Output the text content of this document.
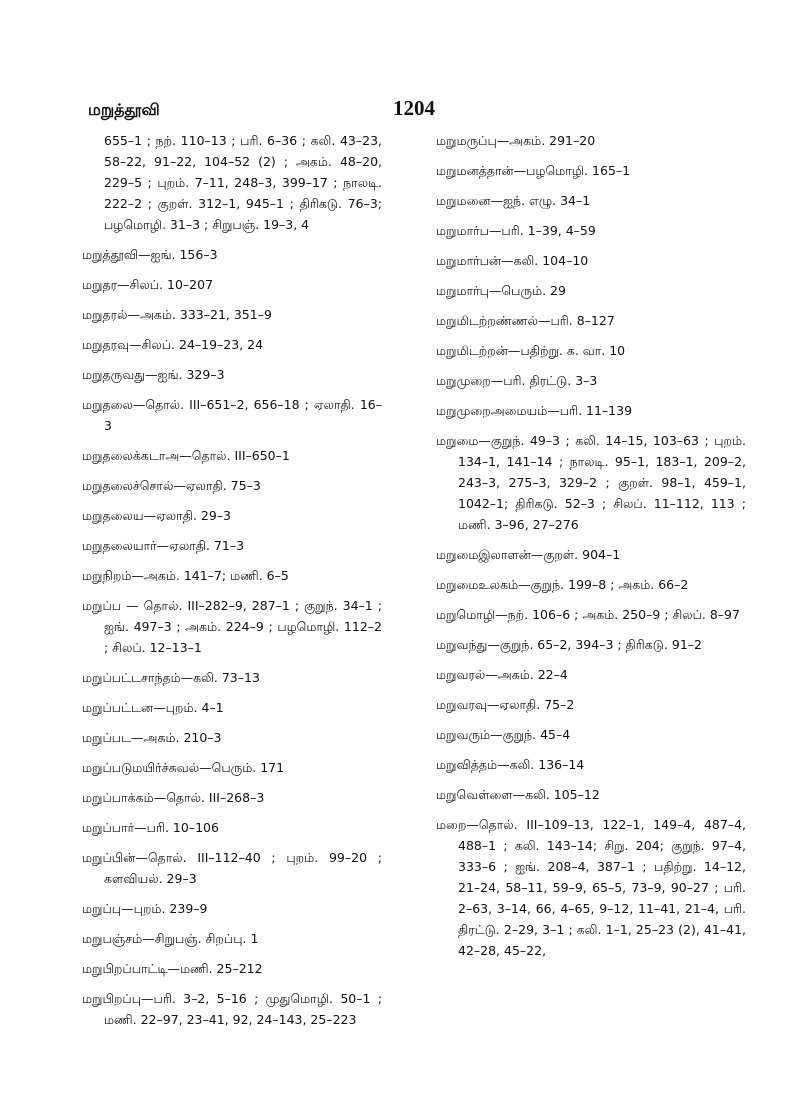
மறுத்தூவி	1204

655–1 ; நற். 110–13 ; பரி. 6–36 ; கலி. 43–23, 58–22, 91–22, 104–52 (2) ; அகம். 48–20, 229–5 ; புறம். 7–11, 248–3, 399–17 ; நாலடி. 222–2 ; குறள். 312–1, 945–1 ; திரிகடு. 76–3; பழமொழி. 31–3 ; சிறுபஞ். 19–3, 4

மறுத்தூவி—ஐங். 156–3

மறுதர—சிலப். 10–207

மறுதரல்—அகம். 333–21, 351–9

மறுதரவு—சிலப். 24–19–23, 24

மறுதருவது—ஐங். 329–3

மறுதலை—தொல். III–651–2, 656–18 ; ஏலாதி. 16–3

மறுதலைக்கடாஅ—தொல். III–650–1

மறுதலைச்சொல்—ஏலாதி. 75–3

மறுதலைய—ஏலாதி. 29–3

மறுதலையார்—ஏலாதி. 71–3

மறுநிறம்—அகம். 141–7; மணி. 6–5

மறுப்ப — தொல். III–282–9, 287–1 ; குறுந். 34–1 ; ஐங். 497–3 ; அகம். 224–9 ; பழமொழி. 112–2 ; சிலப். 12–13–1

மறுப்பட்டசாந்தம்—கலி. 73–13

மறுப்பட்டன—புறம். 4–1

மறுப்பட—அகம். 210–3

மறுப்படுமயிர்ச்சுவல்—பெரும். 171

மறுப்பாக்கம்—தொல். III–268–3

மறுப்பார்—பரி. 10–106

மறுப்பின்—தொல். III–112–40 ; புறம். 99–20 ; களவியல். 29–3

மறுப்பு—புறம். 239–9

மறுபஞ்சம்—சிறுபஞ். சிறப்பு. 1

மறுபிறப்பாட்டி—மணி. 25–212

மறுபிறப்பு—பரி. 3–2, 5–16 ; முதுமொழி. 50–1 ; மணி. 22–97, 23–41, 92, 24–143, 25–223

மறுமருப்பு—அகம். 291–20

மறுமனத்தான்—பழமொழி. 165–1

மறுமனை—ஐந். எழு. 34–1

மறுமார்ப—பரி. 1–39, 4–59

மறுமார்பன்—கலி. 104–10

மறுமார்பு—பெரும். 29

மறுமிடற்றண்ணல்—பரி. 8–127

மறுமிடற்றன்—பதிற்று. க. வா. 10

மறுமுறை—பரி. திரட்டு. 3–3

மறுமுறைஅமையம்—பரி. 11–139

மறுமை—குறுந். 49–3 ; கலி. 14–15, 103–63 ; புறம். 134–1, 141–14 ; நாலடி. 95–1, 183–1, 209–2, 243–3, 275–3, 329–2 ; குறள். 98–1, 459–1, 1042–1; திரிகடு. 52–3 ; சிலப். 11–112, 113 ; மணி. 3–96, 27–276

மறுமைஇலாளன்—குறள். 904–1

மறுமைஉலகம்—குறுந். 199–8 ; அகம். 66–2

மறுமொழி—நற். 106–6 ; அகம். 250–9 ; சிலப். 8–97

மறுவந்து—குறுந். 65–2, 394–3 ; திரிகடு. 91–2

மறுவரல்—அகம். 22–4

மறுவரவு—ஏலாதி. 75–2

மறுவரும்—குறுந். 45–4

மறுவித்தம்—கலி. 136–14

மறுவெள்ளை—கலி. 105–12

மறை—தொல். III–109–13, 122–1, 149–4, 487–4, 488–1 ; கலி. 143–14; சிறு. 204; குறுந். 97–4, 333–6 ; ஐங். 208–4, 387–1 ; பதிற்று. 14–12, 21–24, 58–11, 59–9, 65–5, 73–9, 90–27 ; பரி. 2–63, 3–14, 66, 4–65, 9–12, 11–41, 21–4, பரி. திரட்டு. 2–29, 3–1 ; கலி. 1–1, 25–23 (2), 41–41, 42–28, 45–22,
